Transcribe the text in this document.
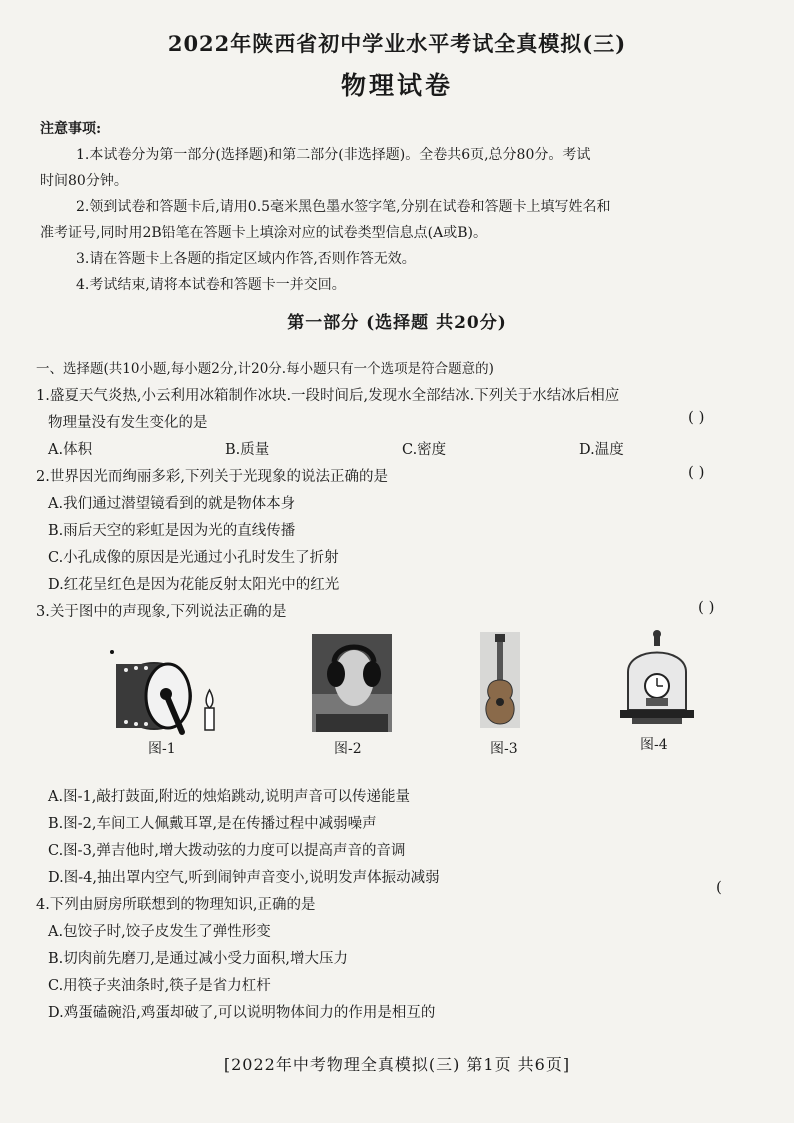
2022年陕西省初中学业水平考试全真模拟(三)
物理试卷

注意事项:

1.本试卷分为第一部分(选择题)和第二部分(非选择题)。全卷共6页,总分80分。考试

时间80分钟。

2.领到试卷和答题卡后,请用0.5毫米黑色墨水签字笔,分别在试卷和答题卡上填写姓名和

准考证号,同时用2B铅笔在答题卡上填涂对应的试卷类型信息点(A或B)。

3.请在答题卡上各题的指定区域内作答,否则作答无效。

4.考试结束,请将本试卷和答题卡一并交回。

第一部分 (选择题 共20分)

一、选择题(共10小题,每小题2分,计20分.每小题只有一个选项是符合题意的)

1.盛夏天气炎热,小云利用冰箱制作冰块.一段时间后,发现水全部结冰.下列关于水结冰后相应

物理量没有发生变化的是

A.体积	B.质量	C.密度	D.温度

2.世界因光而绚丽多彩,下列关于光现象的说法正确的是

A.我们通过潜望镜看到的就是物体本身

B.雨后天空的彩虹是因为光的直线传播

C.小孔成像的原因是光通过小孔时发生了折射

D.红花呈红色是因为花能反射太阳光中的红光

3.关于图中的声现象,下列说法正确的是

A.图-1,敲打鼓面,附近的烛焰跳动,说明声音可以传递能量

B.图-2,车间工人佩戴耳罩,是在传播过程中减弱噪声

C.图-3,弹吉他时,增大拨动弦的力度可以提高声音的音调

D.图-4,抽出罩内空气,听到闹钟声音变小,说明发声体振动减弱

4.下列由厨房所联想到的物理知识,正确的是

A.包饺子时,饺子皮发生了弹性形变

B.切肉前先磨刀,是通过减小受力面积,增大压力

C.用筷子夹油条时,筷子是省力杠杆

D.鸡蛋磕碗沿,鸡蛋却破了,可以说明物体间力的作用是相互的

( )
( )
( )
(
图-1	图-2	图-3	图-4
[2022年中考物理全真模拟(三) 第1页 共6页]
